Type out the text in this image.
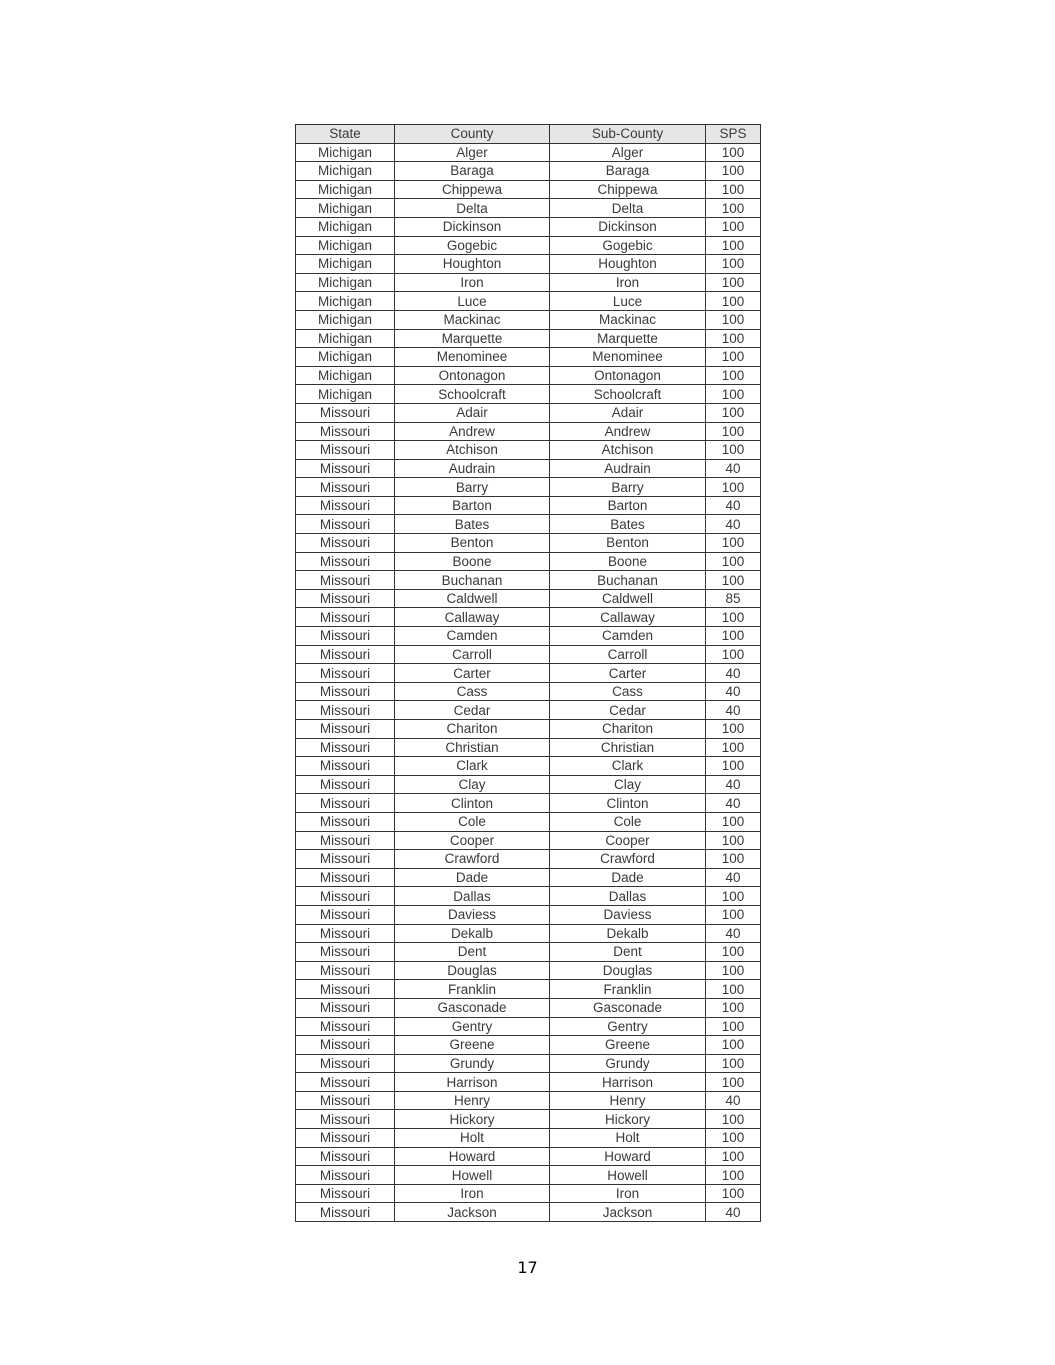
State	County	Sub-County	SPS
Michigan	Alger	Alger	100
Michigan	Baraga	Baraga	100
Michigan	Chippewa	Chippewa	100
Michigan	Delta	Delta	100
Michigan	Dickinson	Dickinson	100
Michigan	Gogebic	Gogebic	100
Michigan	Houghton	Houghton	100
Michigan	Iron	Iron	100
Michigan	Luce	Luce	100
Michigan	Mackinac	Mackinac	100
Michigan	Marquette	Marquette	100
Michigan	Menominee	Menominee	100
Michigan	Ontonagon	Ontonagon	100
Michigan	Schoolcraft	Schoolcraft	100
Missouri	Adair	Adair	100
Missouri	Andrew	Andrew	100
Missouri	Atchison	Atchison	100
Missouri	Audrain	Audrain	40
Missouri	Barry	Barry	100
Missouri	Barton	Barton	40
Missouri	Bates	Bates	40
Missouri	Benton	Benton	100
Missouri	Boone	Boone	100
Missouri	Buchanan	Buchanan	100
Missouri	Caldwell	Caldwell	85
Missouri	Callaway	Callaway	100
Missouri	Camden	Camden	100
Missouri	Carroll	Carroll	100
Missouri	Carter	Carter	40
Missouri	Cass	Cass	40
Missouri	Cedar	Cedar	40
Missouri	Chariton	Chariton	100
Missouri	Christian	Christian	100
Missouri	Clark	Clark	100
Missouri	Clay	Clay	40
Missouri	Clinton	Clinton	40
Missouri	Cole	Cole	100
Missouri	Cooper	Cooper	100
Missouri	Crawford	Crawford	100
Missouri	Dade	Dade	40
Missouri	Dallas	Dallas	100
Missouri	Daviess	Daviess	100
Missouri	Dekalb	Dekalb	40
Missouri	Dent	Dent	100
Missouri	Douglas	Douglas	100
Missouri	Franklin	Franklin	100
Missouri	Gasconade	Gasconade	100
Missouri	Gentry	Gentry	100
Missouri	Greene	Greene	100
Missouri	Grundy	Grundy	100
Missouri	Harrison	Harrison	100
Missouri	Henry	Henry	40
Missouri	Hickory	Hickory	100
Missouri	Holt	Holt	100
Missouri	Howard	Howard	100
Missouri	Howell	Howell	100
Missouri	Iron	Iron	100
Missouri	Jackson	Jackson	40
17
